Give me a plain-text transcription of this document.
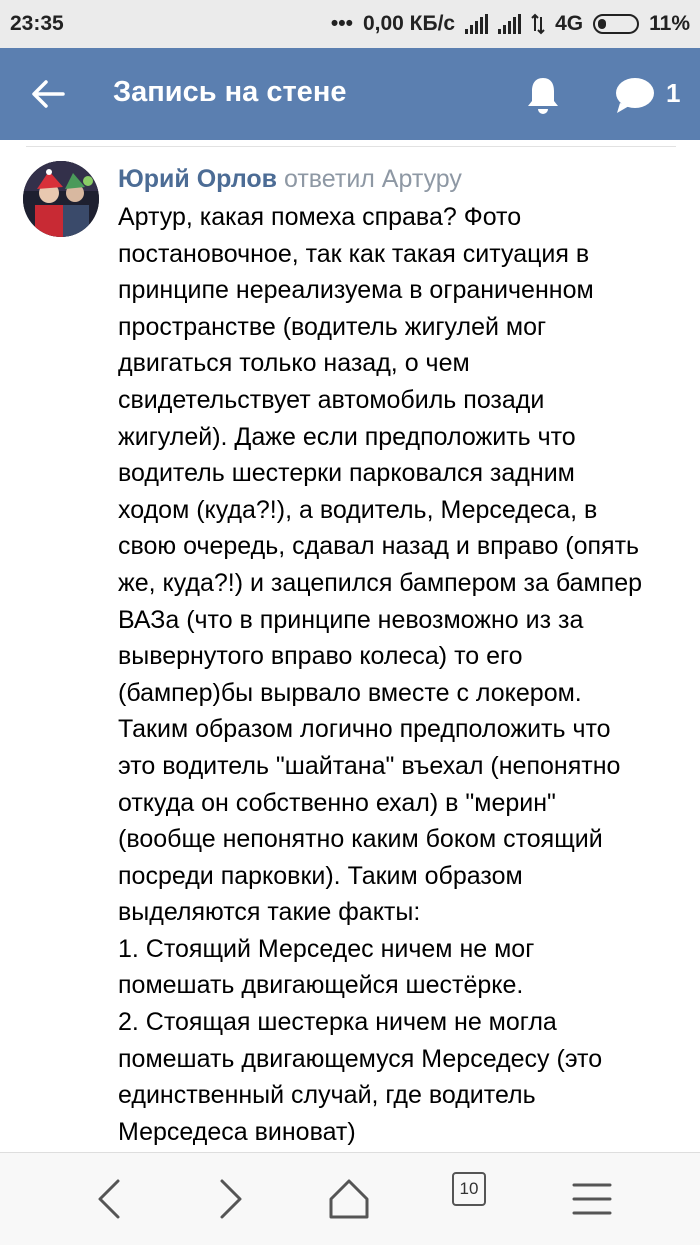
23:35	••• 0,00 КБ/с	4G	11%
Запись на стене	1
Юрий Орлов ответил Артуру

Артур, какая помеха справа? Фото

постановочное, так как такая ситуация в

принципе нереализуема в ограниченном

пространстве (водитель жигулей мог

двигаться только назад, о чем

свидетельствует автомобиль позади

жигулей). Даже если предположить что

водитель шестерки парковался задним

ходом (куда?!), а водитель, Мерседеса, в

свою очередь, сдавал назад и вправо (опять

же, куда?!) и зацепился бампером за бампер

ВАЗа (что в принципе невозможно из за

вывернутого вправо колеса) то его

(бампер)бы вырвало вместе с локером.

Таким образом логично предположить что

это водитель "шайтана" въехал (непонятно

откуда он собственно ехал) в "мерин"

(вообще непонятно каким боком стоящий

посреди парковки). Таким образом

выделяются такие факты:

1. Стоящий Мерседес ничем не мог

помешать двигающейся шестёрке.

2. Стоящая шестерка ничем не могла

помешать двигающемуся Мерседесу (это

единственный случай, где водитель

Мерседеса виноват)

10
